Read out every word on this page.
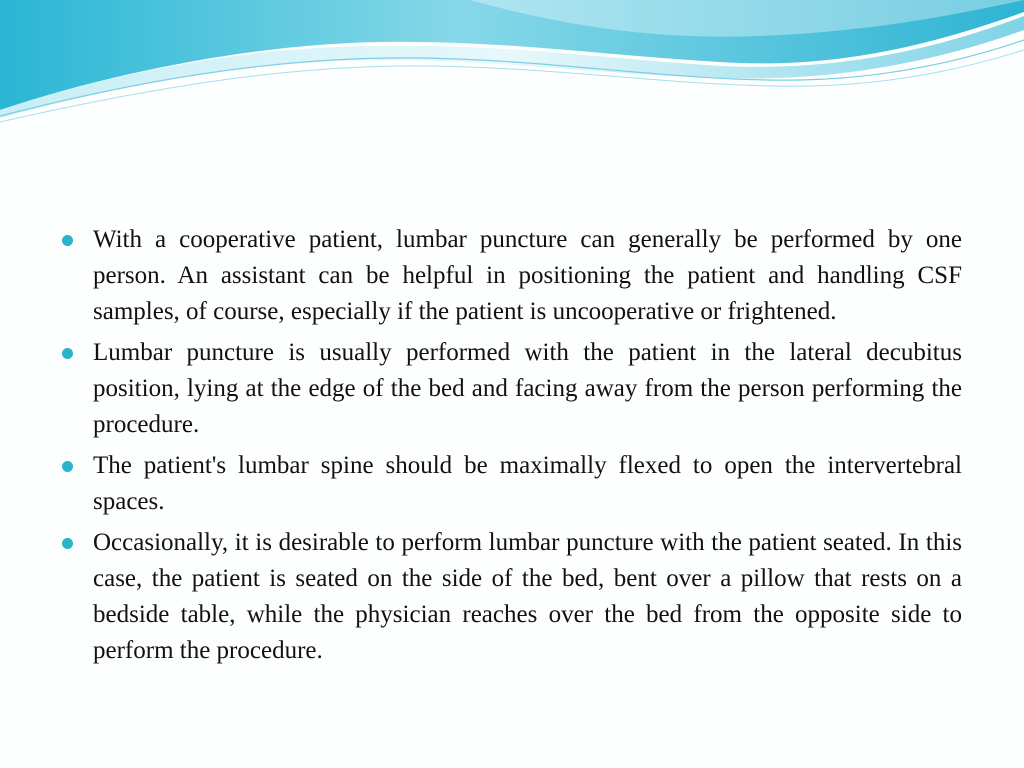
With a cooperative patient, lumbar puncture can generally be performed by one person. An assistant can be helpful in positioning the patient and handling CSF samples, of course, especially if the patient is uncooperative or frightened.
Lumbar puncture is usually performed with the patient in the lateral decubitus position, lying at the edge of the bed and facing away from the person performing the procedure.
The patient's lumbar spine should be maximally flexed to open the intervertebral spaces.
Occasionally, it is desirable to perform lumbar puncture with the patient seated. In this case, the patient is seated on the side of the bed, bent over a pillow that rests on a bedside table, while the physician reaches over the bed from the opposite side to perform the procedure.
